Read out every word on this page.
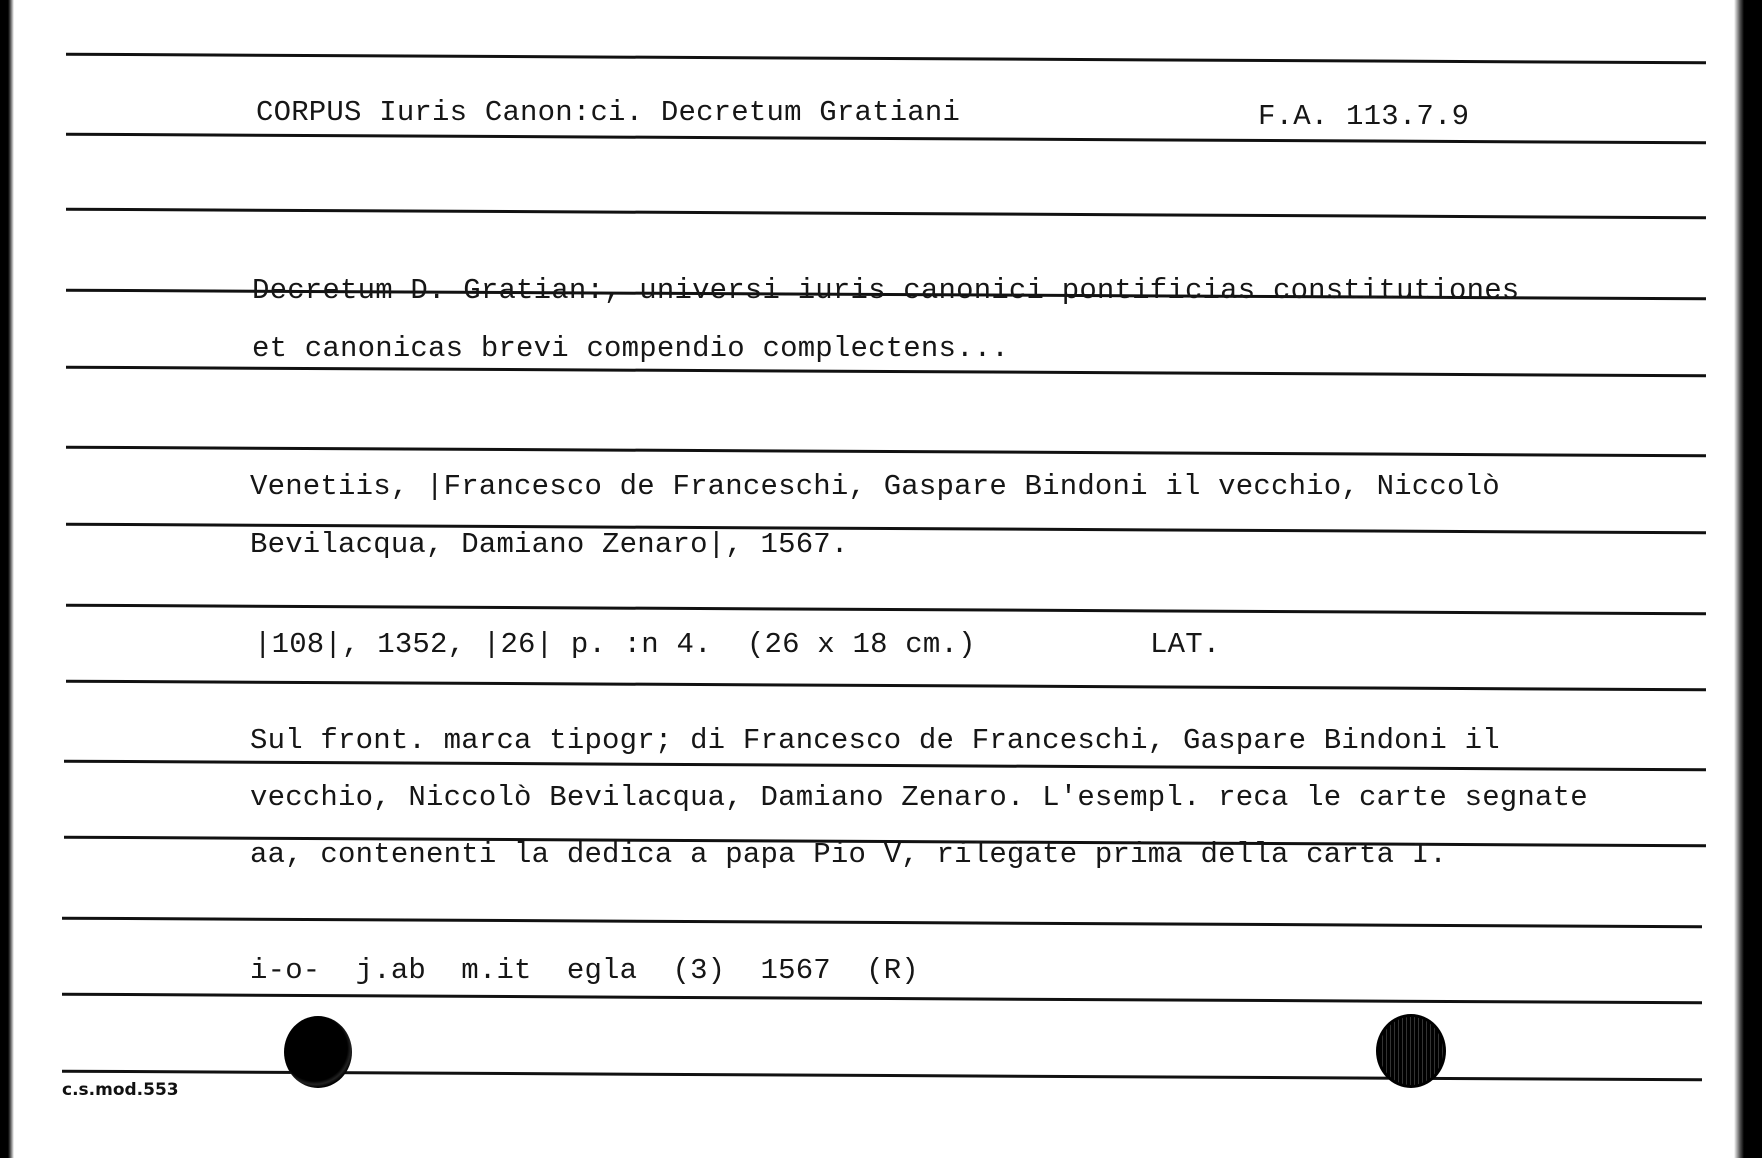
CORPUS Iuris Canon:ci. Decretum Gratiani	F.A. 113.7.9
Decretum D. Gratian:, universi iuris canonici pontificias constitutiones
et canonicas brevi compendio complectens...
Venetiis, |Francesco de Franceschi, Gaspare Bindoni il vecchio, Niccolò
Bevilacqua, Damiano Zenaro|, 1567.
|108|, 1352, |26| p. :n 4.  (26 x 18 cm.)	LAT.
Sul front. marca tipogr; di Francesco de Franceschi, Gaspare Bindoni il
vecchio, Niccolò Bevilacqua, Damiano Zenaro. L'esempl. reca le carte segnate
aa, contenenti la dedica a papa Pio V, rilegate prima della carta I.
i-o-  j.ab  m.it  egla  (3)  1567  (R)
c.s.mod.553
